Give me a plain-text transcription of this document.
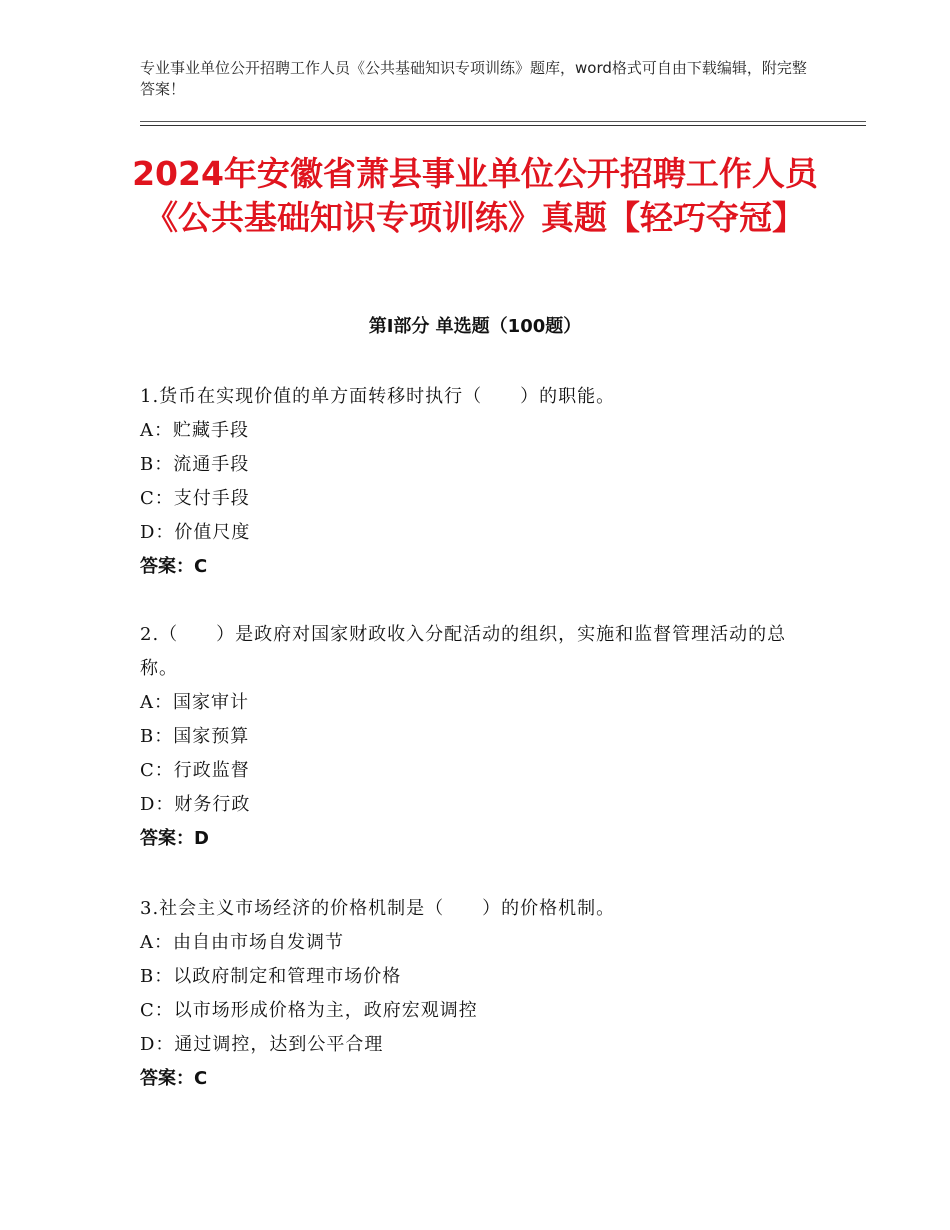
专业事业单位公开招聘工作人员《公共基础知识专项训练》题库，word格式可自由下载编辑，附完整答案！
2024年安徽省萧县事业单位公开招聘工作人员《公共基础知识专项训练》真题【轻巧夺冠】
第Ⅰ部分 单选题（100题）
1.货币在实现价值的单方面转移时执行（　　）的职能。
A：贮藏手段
B：流通手段
C：支付手段
D：价值尺度
答案：C
2.（　　）是政府对国家财政收入分配活动的组织，实施和监督管理活动的总称。
A：国家审计
B：国家预算
C：行政监督
D：财务行政
答案：D
3.社会主义市场经济的价格机制是（　　）的价格机制。
A：由自由市场自发调节
B：以政府制定和管理市场价格
C：以市场形成价格为主，政府宏观调控
D：通过调控，达到公平合理
答案：C
